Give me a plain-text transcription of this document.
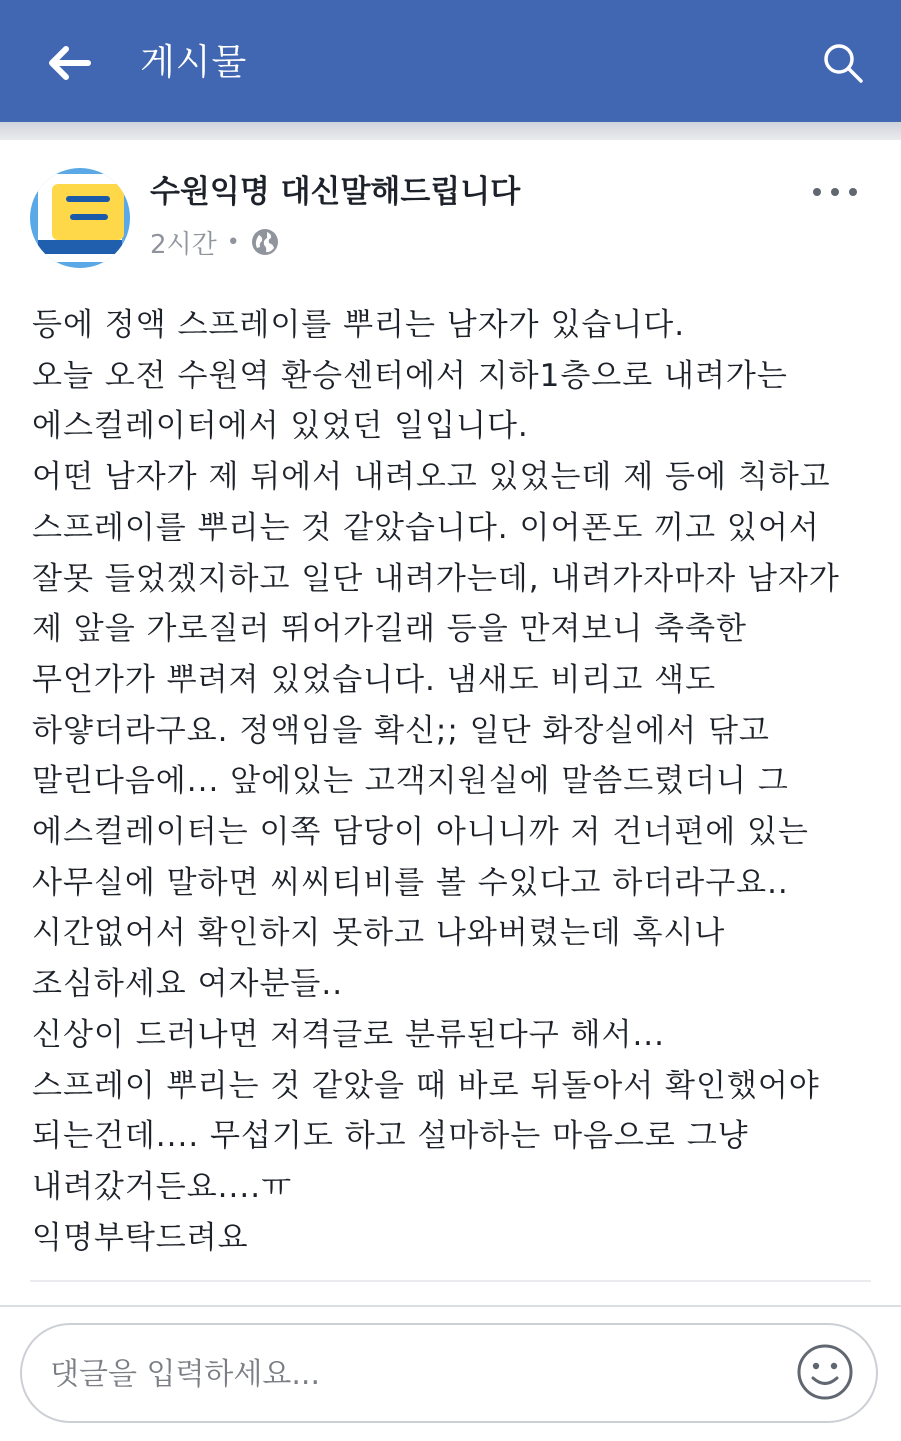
게시물
수원익명 대신말해드립니다
2시간 •
등에 정액 스프레이를 뿌리는 남자가 있습니다.
오늘 오전 수원역 환승센터에서 지하1층으로 내려가는
에스컬레이터에서 있었던 일입니다.
어떤 남자가 제 뒤에서 내려오고 있었는데 제 등에 칙하고
스프레이를 뿌리는 것 같았습니다. 이어폰도 끼고 있어서
잘못 들었겠지하고 일단 내려가는데, 내려가자마자 남자가
제 앞을 가로질러 뛰어가길래 등을 만져보니 축축한
무언가가 뿌려져 있었습니다. 냄새도 비리고 색도
하얗더라구요. 정액임을 확신;; 일단 화장실에서 닦고
말린다음에... 앞에있는 고객지원실에 말씀드렸더니 그
에스컬레이터는 이쪽 담당이 아니니까 저 건너편에 있는
사무실에 말하면 씨씨티비를 볼 수있다고 하더라구요..
시간없어서 확인하지 못하고 나와버렸는데 혹시나
조심하세요 여자분들..
신상이 드러나면 저격글로 분류된다구 해서...
스프레이 뿌리는 것 같았을 때 바로 뒤돌아서 확인했어야
되는건데.... 무섭기도 하고 설마하는 마음으로 그냥
내려갔거든요....ㅠ
익명부탁드려요
댓글을 입력하세요...
